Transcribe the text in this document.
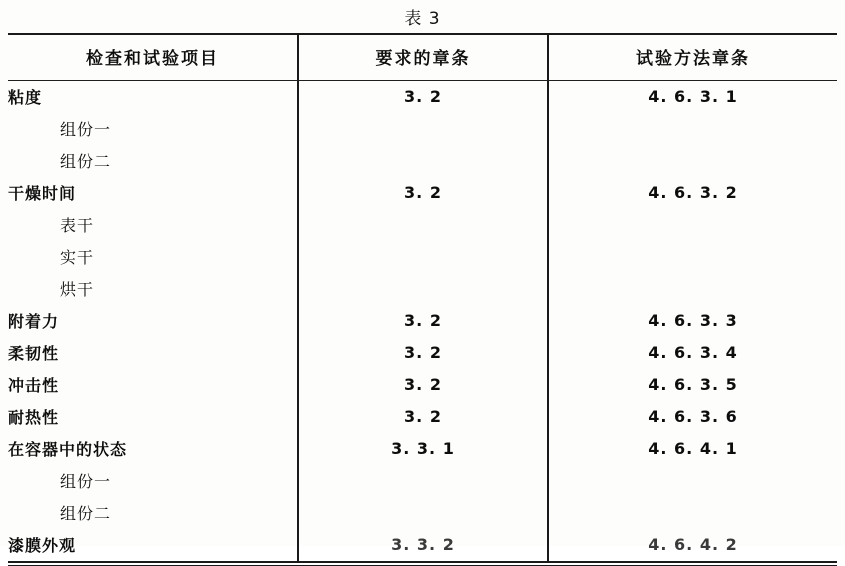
表 3
检查和试验项目	要求的章条	试验方法章条
粘度	3. 2	4. 6. 3. 1
组份一		
组份二		
干燥时间	3. 2	4. 6. 3. 2
表干		
实干		
烘干		
附着力	3. 2	4. 6. 3. 3
柔韧性	3. 2	4. 6. 3. 4
冲击性	3. 2	4. 6. 3. 5
耐热性	3. 2	4. 6. 3. 6
在容器中的状态	3. 3. 1	4. 6. 4. 1
组份一		
组份二		
漆膜外观	3. 3. 2	4. 6. 4. 2
